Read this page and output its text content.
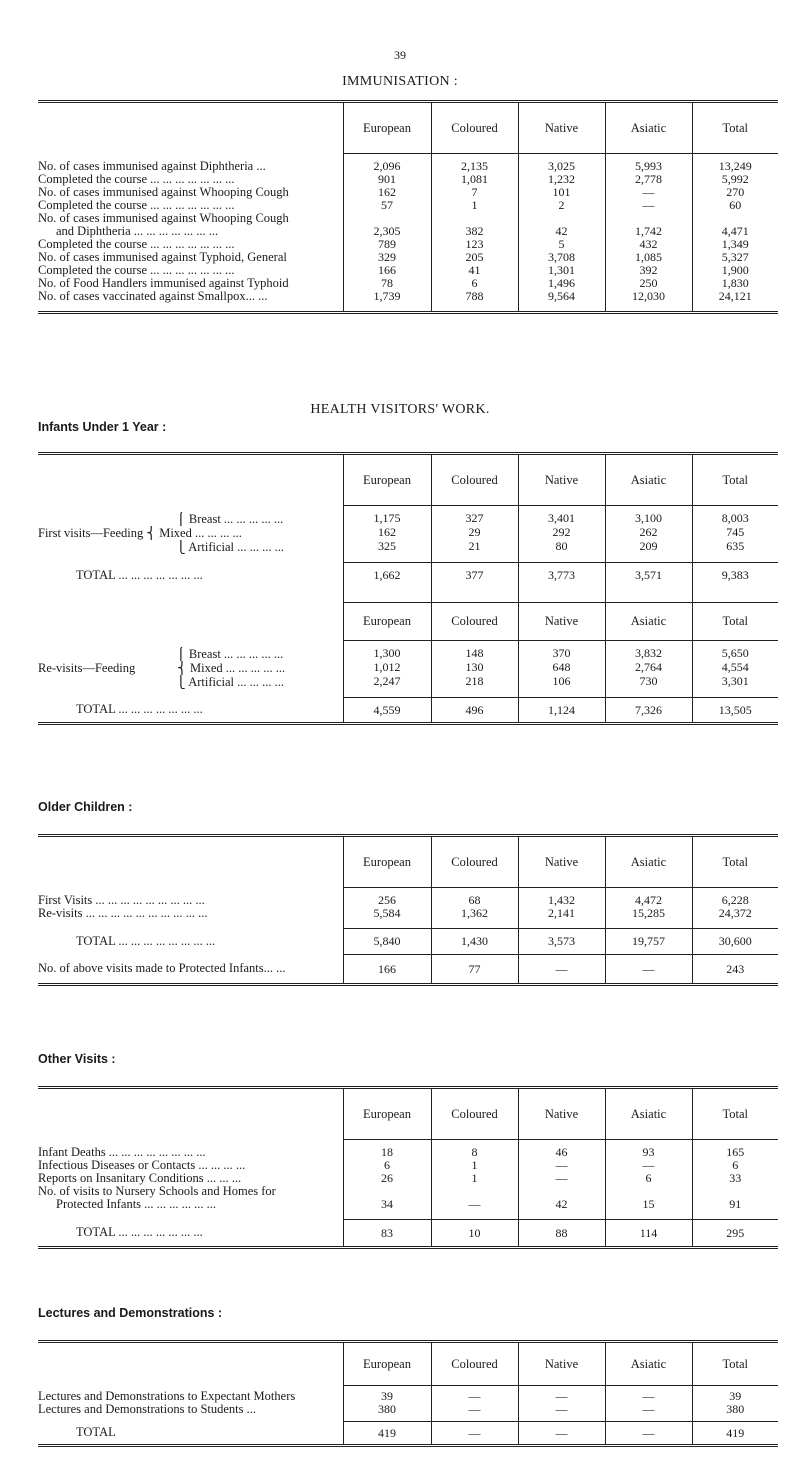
39
IMMUNISATION :
	European	Coloured	Native	Asiatic	Total

No. of cases immunised against Diphtheria ...	2,096	2,135	3,025	5,993	13,249
Completed the course ... ... ... ... ... ... ...	901	1,081	1,232	2,778	5,992
No. of cases immunised against Whooping Cough	162	7	101	—	270
Completed the course ... ... ... ... ... ... ...	57	1	2	—	60

No. of cases immunised against Whooping Cough
and Diphtheria ... ... ... ... ... ... ...	2,305	382	42	1,742	4,471
Completed the course ... ... ... ... ... ... ...	789	123	5	432	1,349
No. of cases immunised against Typhoid, General	329	205	3,708	1,085	5,327
Completed the course ... ... ... ... ... ... ...	166	41	1,301	392	1,900
No. of Food Handlers immunised against Typhoid	78	6	1,496	250	1,830
No. of cases vaccinated against Smallpox... ...	1,739	788	9,564	12,030	24,121

HEALTH VISITORS' WORK.
Infants Under 1 Year :
	European	Coloured	Native	Asiatic	Total

⎧ Breast ... ... ... ... ...	1,175	327	3,401	3,100	8,003
First visits—Feeding ⎨ Mixed ... ... ... ...	162	29	292	262	745
⎩ Artificial ... ... ... ...	325	21	80	209	635

TOTAL ... ... ... ... ... ... ...	1,662	377	3,773	3,571	9,383

	European	Coloured	Native	Asiatic	Total

⎧ Breast ... ... ... ... ...	1,300	148	370	3,832	5,650
Re-visits—Feeding ⎨ Mixed ... ... ... ... ...	1,012	130	648	2,764	4,554
⎩ Artificial ... ... ... ...	2,247	218	106	730	3,301

TOTAL ... ... ... ... ... ... ...	4,559	496	1,124	7,326	13,505
Older Children :
	European	Coloured	Native	Asiatic	Total

First Visits ... ... ... ... ... ... ... ... ...	256	68	1,432	4,472	6,228
Re-visits ... ... ... ... ... ... ... ... ... ...	5,584	1,362	2,141	15,285	24,372

TOTAL ... ... ... ... ... ... ... ...	5,840	1,430	3,573	19,757	30,600
No. of above visits made to Protected Infants... ...	166	77	—	—	243
Other Visits :
	European	Coloured	Native	Asiatic	Total

Infant Deaths ... ... ... ... ... ... ... ...	18	8	46	93	165
Infectious Diseases or Contacts ... ... ... ...	6	1	—	—	6
Reports on Insanitary Conditions ... ... ...	26	1	—	6	33

No. of visits to Nursery Schools and Homes for
Protected Infants ... ... ... ... ... ...	34	—	42	15	91

TOTAL ... ... ... ... ... ... ...	83	10	88	114	295
Lectures and Demonstrations :
	European	Coloured	Native	Asiatic	Total

Lectures and Demonstrations to Expectant Mothers	39	—	—	—	39
Lectures and Demonstrations to Students ...	380	—	—	—	380

TOTAL	419	—	—	—	419
